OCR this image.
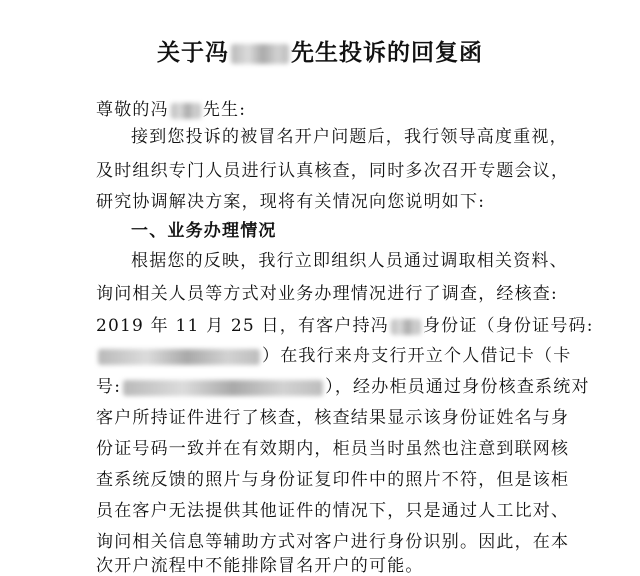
关于冯	先生投诉的回复函
尊敬的冯 先生:
接到您投诉的被冒名开户问题后，我行领导高度重视，
及时组织专门人员进行认真核查，同时多次召开专题会议，
研究协调解决方案，现将有关情况向您说明如下:
一、业务办理情况
根据您的反映，我行立即组织人员通过调取相关资料、
询问相关人员等方式对业务办理情况进行了调查，经核查:
2019 年 11 月 25 日，有客户持冯 身份证（身份证号码:
）在我行来舟支行开立个人借记卡（卡
号:	），经办柜员通过身份核查系统对
客户所持证件进行了核查，核查结果显示该身份证姓名与身
份证号码一致并在有效期内，柜员当时虽然也注意到联网核
查系统反馈的照片与身份证复印件中的照片不符，但是该柜
员在客户无法提供其他证件的情况下，只是通过人工比对、
询问相关信息等辅助方式对客户进行身份识别。因此，在本
次开户流程中不能排除冒名开户的可能。
